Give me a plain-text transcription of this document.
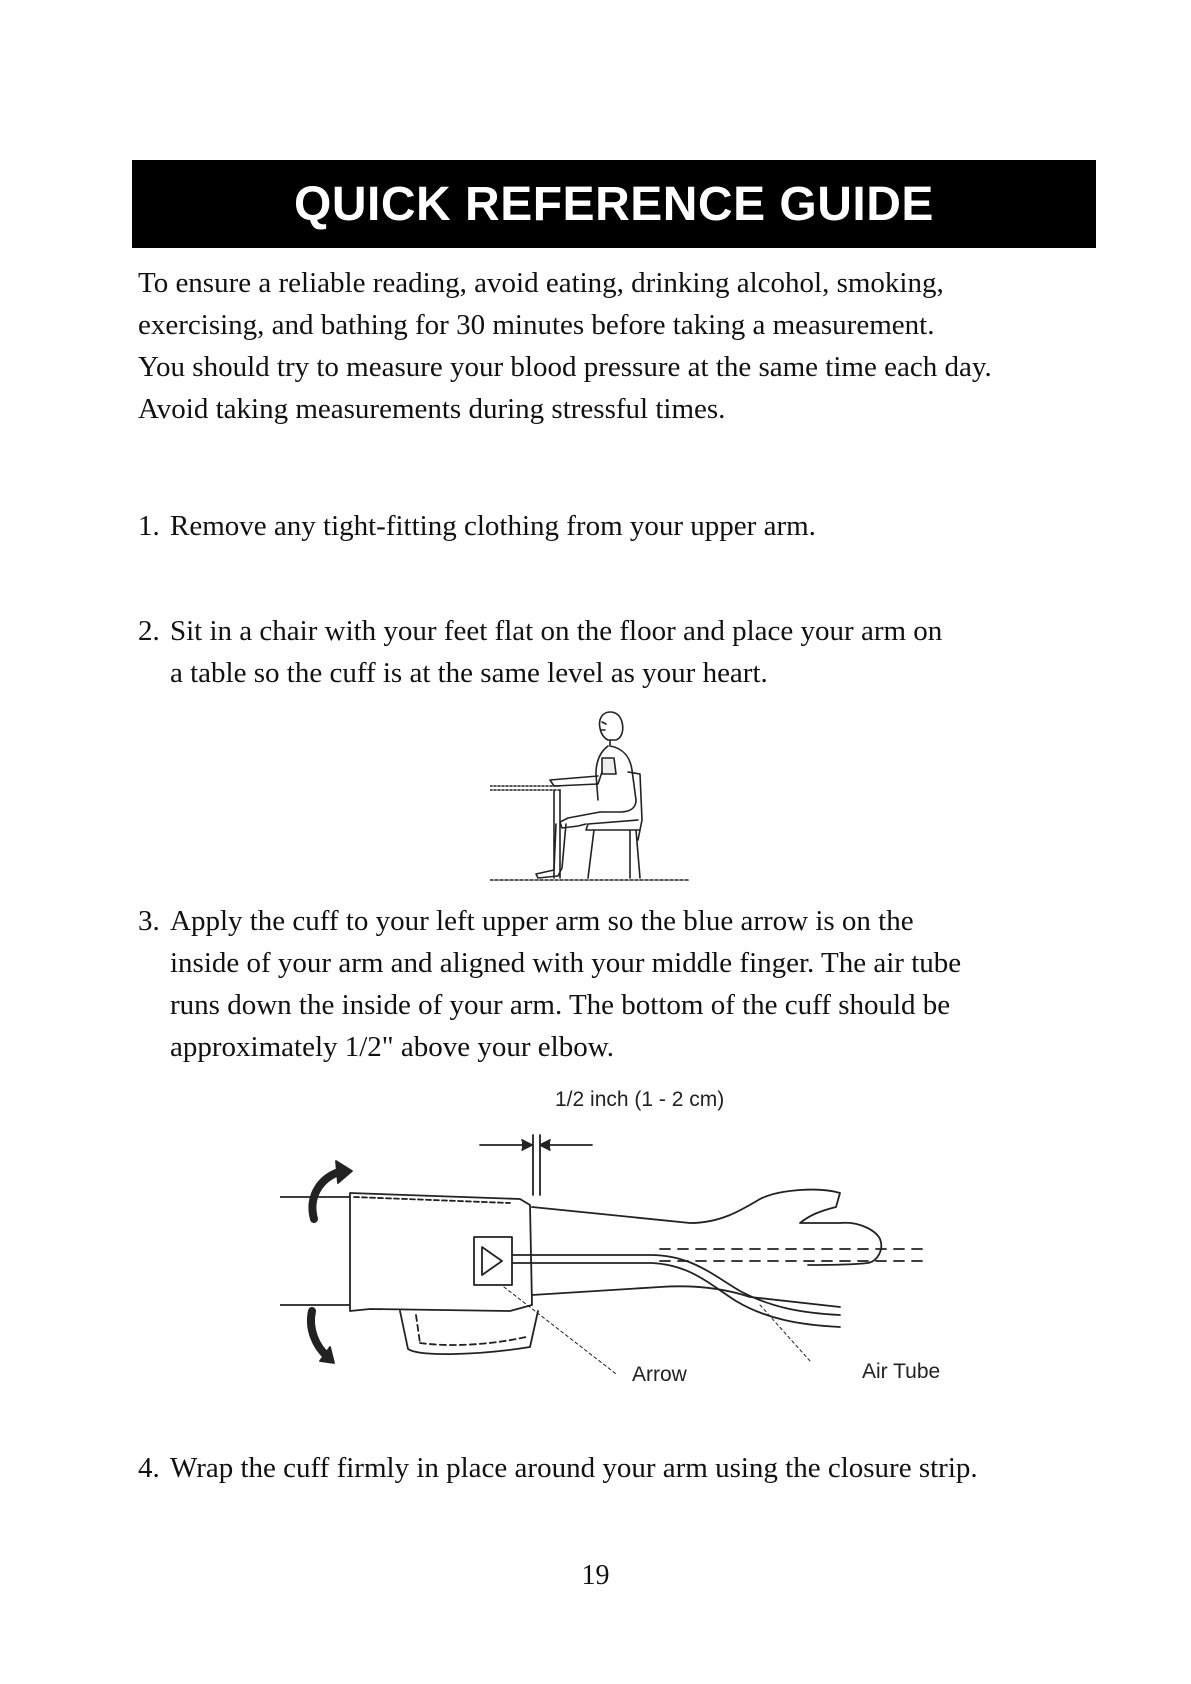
QUICK REFERENCE GUIDE
To ensure a reliable reading, avoid eating, drinking alcohol, smoking,
exercising, and bathing for 30 minutes before taking a measurement.
You should try to measure your blood pressure at the same time each day.
Avoid taking measurements during stressful times.
1. Remove any tight-fitting clothing from your upper arm.
2. Sit in a chair with your feet flat on the floor and place your arm on
a table so the cuff is at the same level as your heart.
3. Apply the cuff to your left upper arm so the blue arrow is on the
inside of your arm and aligned with your middle finger. The air tube
runs down the inside of your arm. The bottom of the cuff should be
approximately 1/2" above your elbow.
1/2 inch (1 - 2 cm)
Arrow	Air Tube
4. Wrap the cuff firmly in place around your arm using the closure strip.
19
